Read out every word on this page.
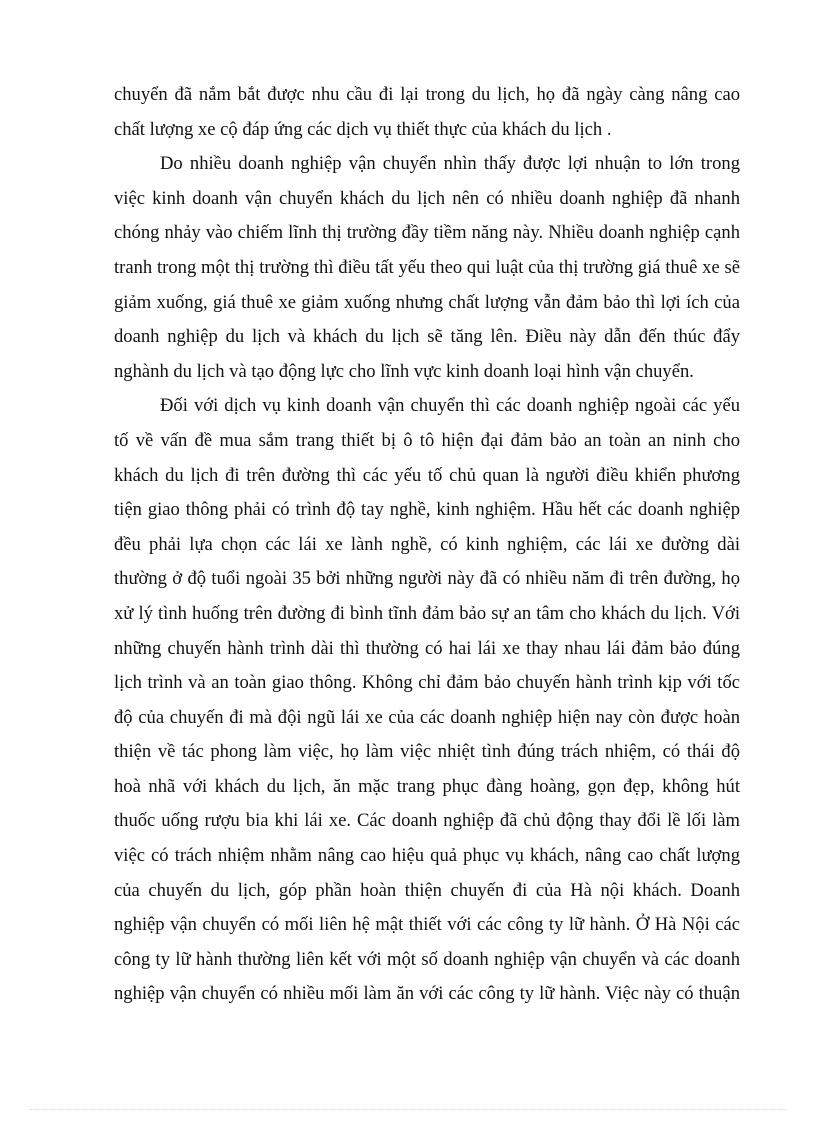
chuyển đã nắm bắt được nhu cầu đi lại trong du lịch, họ đã ngày càng nâng cao
chất lượng xe cộ đáp ứng các dịch vụ thiết thực của khách du lịch .
Do nhiều doanh nghiệp vận chuyển nhìn thấy được lợi nhuận to lớn trong
việc kinh doanh vận chuyển khách du lịch nên có nhiều doanh nghiệp đã nhanh
chóng nhảy vào chiếm lĩnh thị trường đầy tiềm năng này. Nhiều doanh nghiệp cạnh
tranh trong một thị trường thì điều tất yếu theo qui luật của thị trường giá thuê xe sẽ
giảm xuống, giá thuê xe giảm xuống nhưng chất lượng vẫn đảm bảo thì lợi ích của
doanh nghiệp du lịch và khách du lịch sẽ tăng lên. Điều này dẫn đến thúc đẩy
nghành du lịch và tạo động lực cho lĩnh vực kinh doanh loại hình vận chuyển.
Đối với dịch vụ kinh doanh vận chuyển thì các doanh nghiệp ngoài các yếu
tố về vấn đề mua sắm trang thiết bị ô tô hiện đại đảm bảo an toàn an ninh cho
khách du lịch đi trên đường thì các yếu tố chủ quan là người điều khiển phương
tiện giao thông phải có trình độ tay nghề, kinh nghiệm. Hầu hết các doanh nghiệp
đều phải lựa chọn các lái xe lành nghề, có kinh nghiệm, các lái xe đường dài
thường ở độ tuổi ngoài 35 bởi những người này đã có nhiều năm đi trên đường, họ
xử lý tình huống trên đường đi bình tĩnh đảm bảo sự an tâm cho khách du lịch. Với
những chuyến hành trình dài thì thường có hai lái xe thay nhau lái đảm bảo đúng
lịch trình và an toàn giao thông. Không chỉ đảm bảo chuyến hành trình kịp với tốc
độ của chuyến đi mà đội ngũ lái xe của các doanh nghiệp hiện nay còn được hoàn
thiện về tác phong làm việc, họ làm việc nhiệt tình đúng trách nhiệm, có thái độ
hoà nhã với khách du lịch, ăn mặc trang phục đàng hoàng, gọn đẹp, không hút
thuốc uống rượu bia khi lái xe. Các doanh nghiệp đã chủ động thay đổi lề lối làm
việc có trách nhiệm nhằm nâng cao hiệu quả phục vụ khách, nâng cao chất lượng
của chuyến du lịch, góp phần hoàn thiện chuyến đi của Hà nội khách. Doanh
nghiệp vận chuyển có mối liên hệ mật thiết với các công ty lữ hành. Ở Hà Nội các
công ty lữ hành thường liên kết với một số doanh nghiệp vận chuyển và các doanh
nghiệp vận chuyển có nhiều mối làm ăn với các công ty lữ hành. Việc này có thuận
